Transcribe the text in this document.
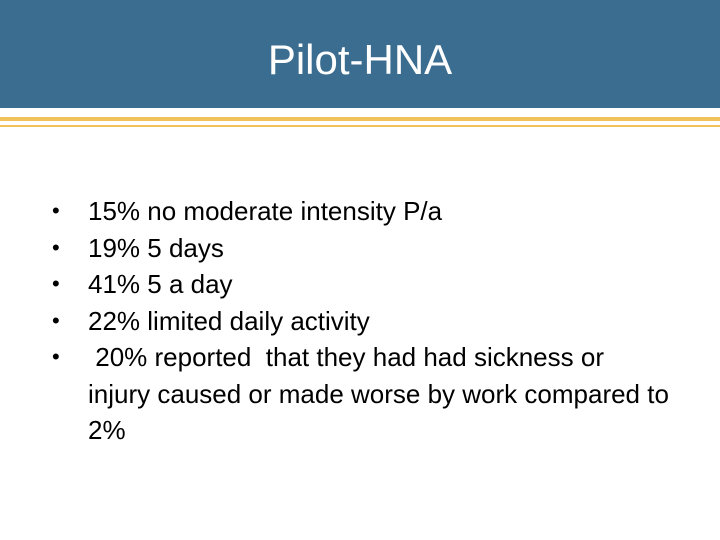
Pilot-HNA
• 15% no moderate intensity P/a
• 19% 5 days
• 41% 5 a day
• 22% limited daily activity
• 20% reported  that they had had sickness or injury caused or made worse by work compared to 2%
